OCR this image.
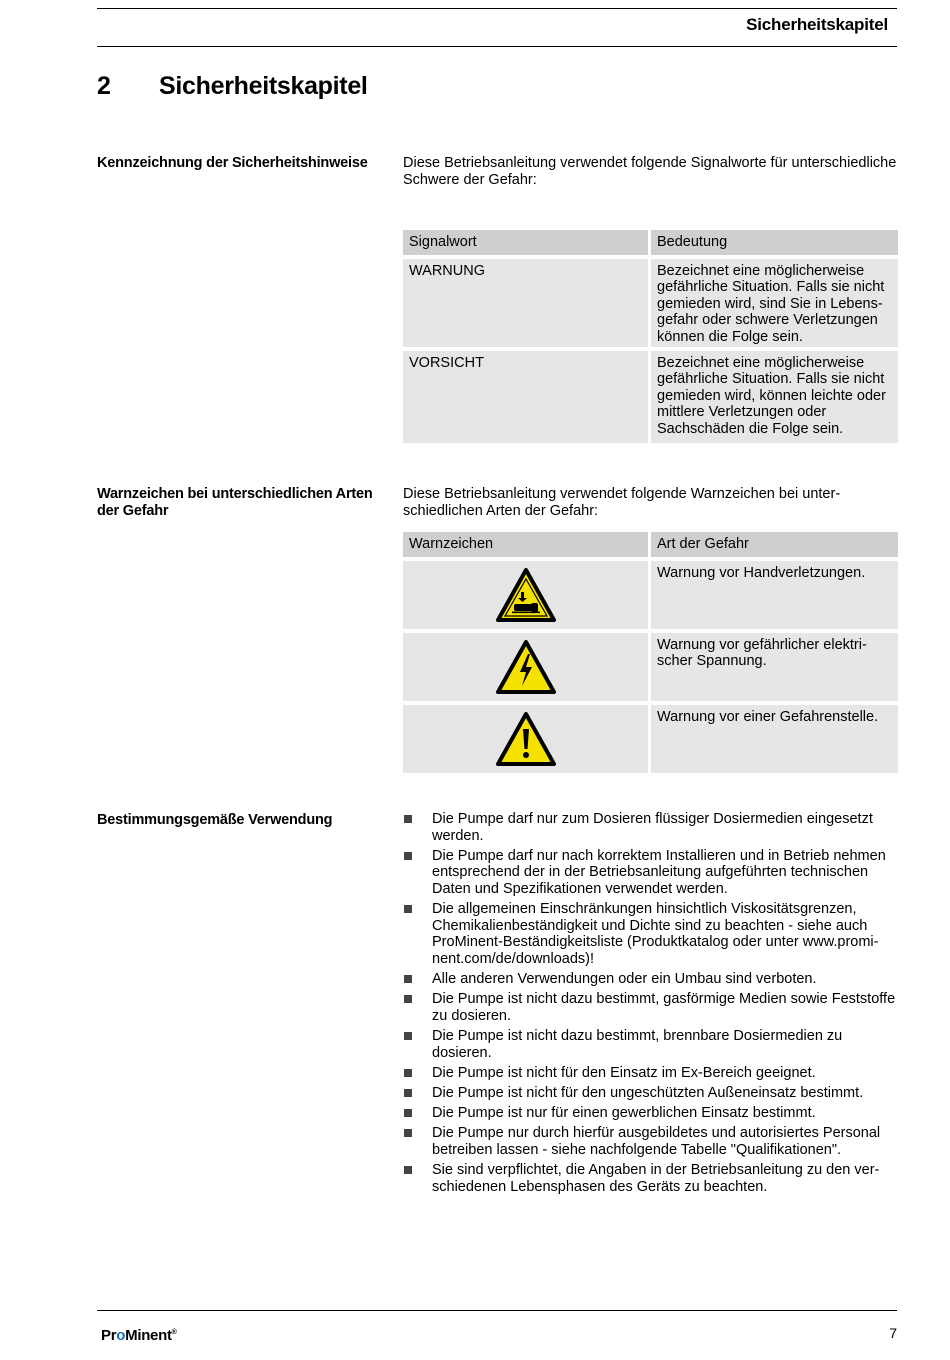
Sicherheitskapitel
2 Sicherheitskapitel
Kennzeichnung der Sicherheitshinweise	Diese Betriebsanleitung verwendet folgende Signalworte für unterschiedliche Schwere der Gefahr:
Signalwort	Bedeutung
WARNUNG	Bezeichnet eine möglicherweise gefährliche Situation. Falls sie nicht gemieden wird, sind Sie in Lebensgefahr oder schwere Verletzungen können die Folge sein.
VORSICHT	Bezeichnet eine möglicherweise gefährliche Situation. Falls sie nicht gemieden wird, können leichte oder mittlere Verletzungen oder Sachschäden die Folge sein.
Warnzeichen bei unterschiedlichen Arten der Gefahr
Diese Betriebsanleitung verwendet folgende Warnzeichen bei unterschiedlichen Arten der Gefahr:
Warnzeichen	Art der Gefahr
Warnung vor Handverletzungen.
Warnung vor gefährlicher elektrischer Spannung.
Warnung vor einer Gefahrenstelle.
Bestimmungsgemäße Verwendung	Die Pumpe darf nur zum Dosieren flüssiger Dosiermedien eingesetzt werden.
Die Pumpe darf nur nach korrektem Installieren und in Betrieb nehmen entsprechend der in der Betriebsanleitung aufgeführten technischen Daten und Spezifikationen verwendet werden.
Die allgemeinen Einschränkungen hinsichtlich Viskositätsgrenzen, Chemikalienbeständigkeit und Dichte sind zu beachten - siehe auch ProMinent-Beständigkeitsliste (Produktkatalog oder unter www.prominent.com/de/downloads)!
Alle anderen Verwendungen oder ein Umbau sind verboten.
Die Pumpe ist nicht dazu bestimmt, gasförmige Medien sowie Feststoffe zu dosieren.
Die Pumpe ist nicht dazu bestimmt, brennbare Dosiermedien zu dosieren.
Die Pumpe ist nicht für den Einsatz im Ex-Bereich geeignet.
Die Pumpe ist nicht für den ungeschützten Außeneinsatz bestimmt.
Die Pumpe ist nur für einen gewerblichen Einsatz bestimmt.
Die Pumpe nur durch hierfür ausgebildetes und autorisiertes Personal betreiben lassen - siehe nachfolgende Tabelle "Qualifikationen".
Sie sind verpflichtet, die Angaben in der Betriebsanleitung zu den verschiedenen Lebensphasen des Geräts zu beachten.
ProMinent®	7
